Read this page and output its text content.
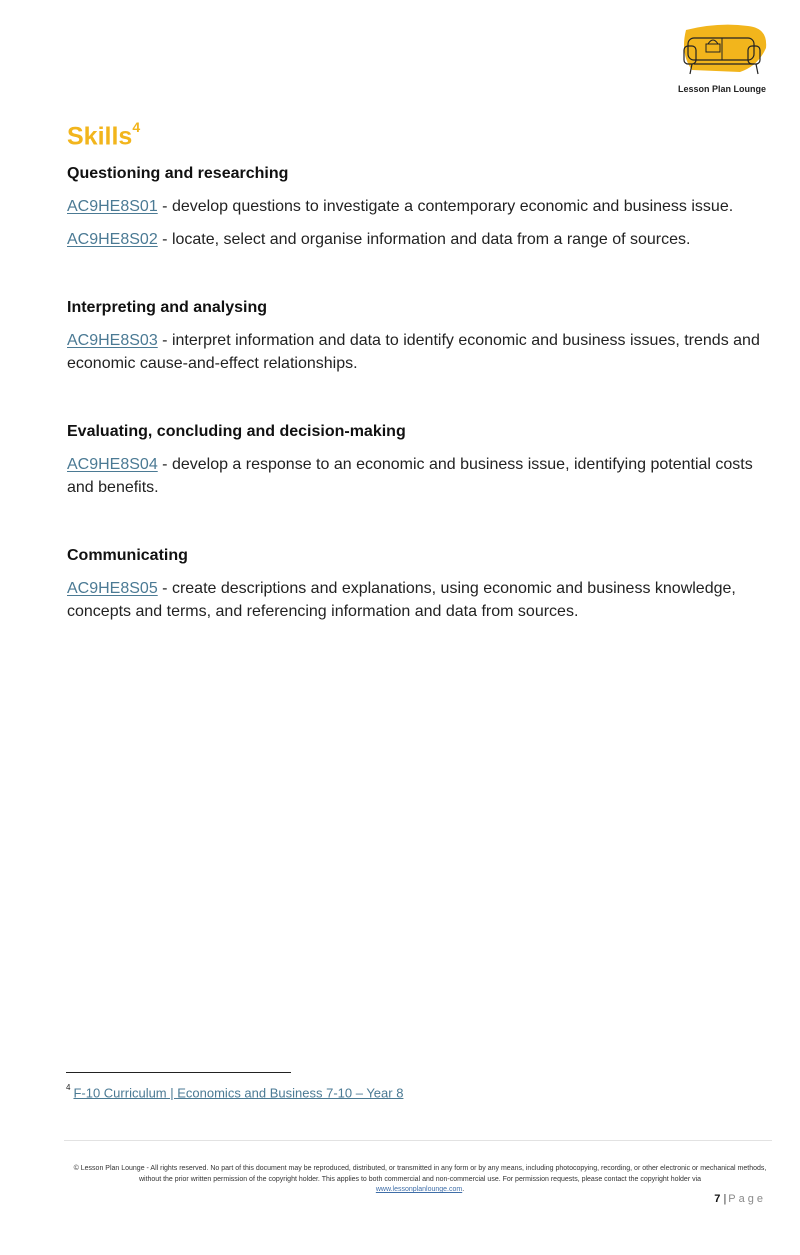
Lesson Plan Lounge
Skills$^4$
Questioning and researching

AC9HE8S01 - develop questions to investigate a contemporary economic and business issue.

AC9HE8S02 - locate, select and organise information and data from a range of sources.

Interpreting and analysing

AC9HE8S03 - interpret information and data to identify economic and business issues, trends and economic cause-and-effect relationships.

Evaluating, concluding and decision-making

AC9HE8S04 - develop a response to an economic and business issue, identifying potential costs and benefits.

Communicating

AC9HE8S05 - create descriptions and explanations, using economic and business knowledge, concepts and terms, and referencing information and data from sources.

$^4$ F-10 Curriculum | Economics and Business 7-10 – Year 8
© Lesson Plan Lounge - All rights reserved. No part of this document may be reproduced, distributed, or transmitted in any form or by any means, including photocopying, recording, or other electronic or mechanical methods, without the prior written permission of the copyright holder. This applies to both commercial and non-commercial use. For permission requests, please contact the copyright holder via
www.lessonplanlounge.com.
7 | Page
